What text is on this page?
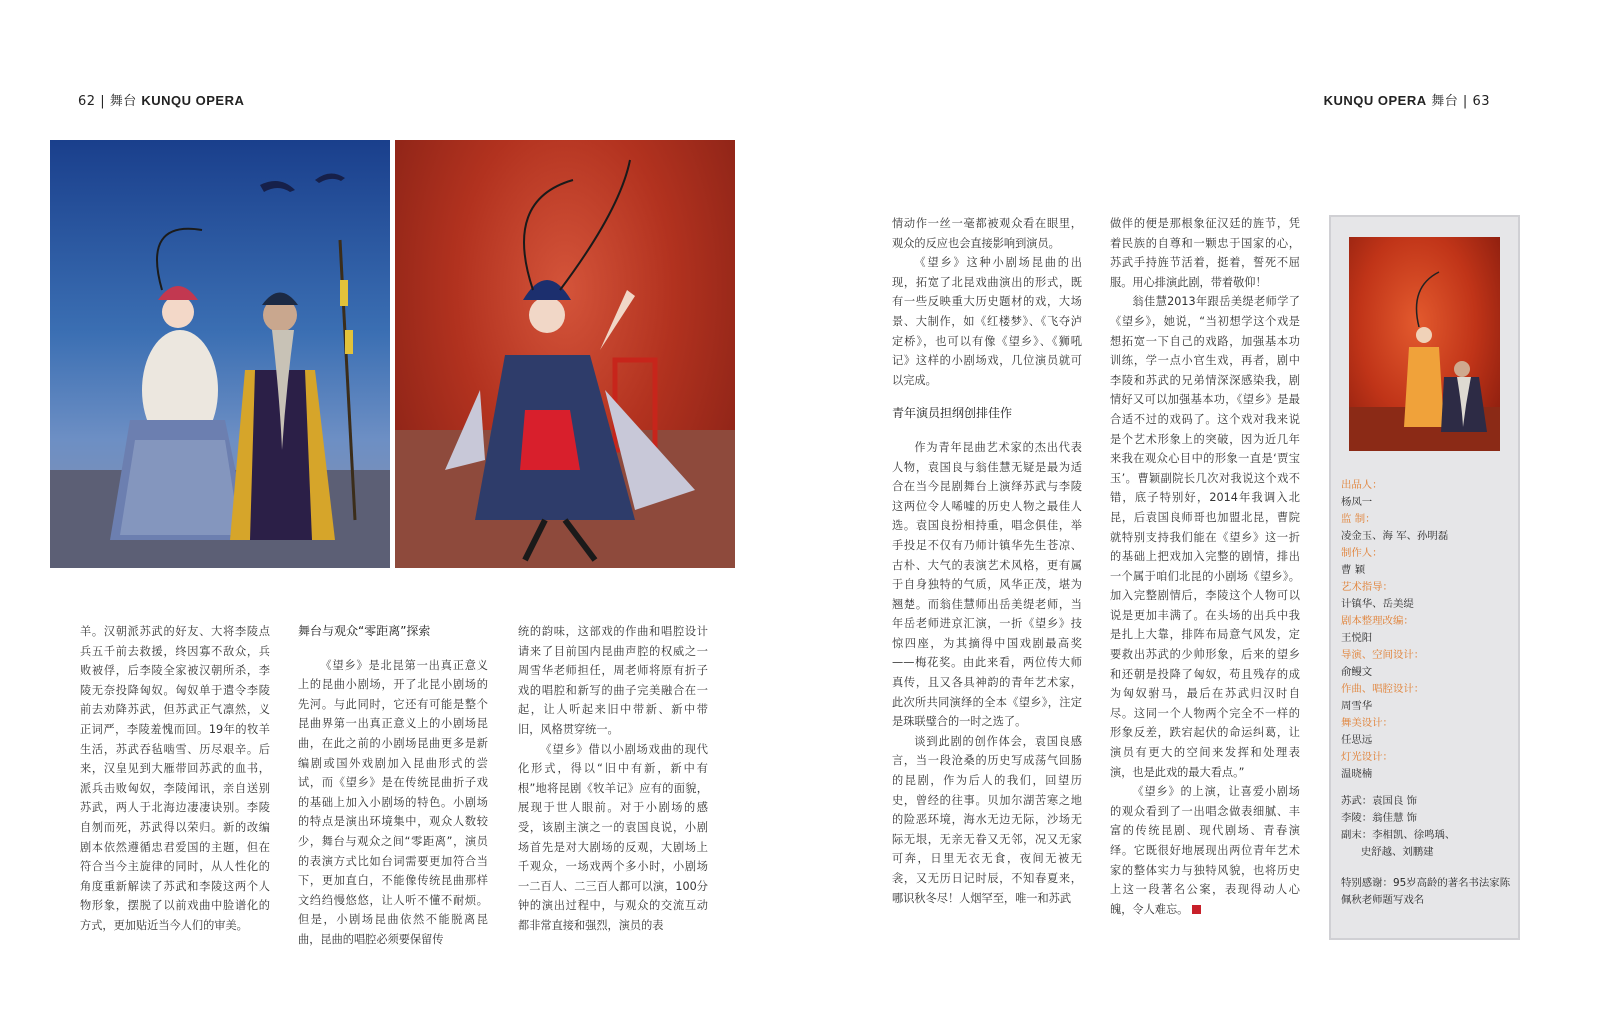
62 | 舞台 KUNQU OPERA	KUNQU OPERA 舞台 | 63

羊。汉朝派苏武的好友、大将李陵点兵五千前去救援，终因寡不敌众，兵败被俘，后李陵全家被汉朝所杀，李陵无奈投降匈奴。匈奴单于遣令李陵前去劝降苏武，但苏武正气凛然，义正词严，李陵羞愧而回。19年的牧羊生活，苏武吞毡啮雪、历尽艰辛。后来，汉皇见到大雁带回苏武的血书，派兵击败匈奴，李陵闻讯，亲自送别苏武，两人于北海边凄凄诀别。李陵自刎而死，苏武得以荣归。新的改编剧本依然遵循忠君爱国的主题，但在符合当今主旋律的同时，从人性化的角度重新解读了苏武和李陵这两个人物形象，摆脱了以前戏曲中脸谱化的方式，更加贴近当今人们的审美。

舞台与观众“零距离”探索

《望乡》是北昆第一出真正意义上的昆曲小剧场，开了北昆小剧场的先河。与此同时，它还有可能是整个昆曲界第一出真正意义上的小剧场昆曲，在此之前的小剧场昆曲更多是新编剧或国外戏剧加入昆曲形式的尝试，而《望乡》是在传统昆曲折子戏的基础上加入小剧场的特色。小剧场的特点是演出环境集中，观众人数较少，舞台与观众之间“零距离”，演员的表演方式比如台词需要更加符合当下，更加直白，不能像传统昆曲那样文绉绉慢悠悠，让人听不懂不耐烦。但是，小剧场昆曲依然不能脱离昆曲，昆曲的唱腔必须要保留传

统的韵味，这部戏的作曲和唱腔设计请来了目前国内昆曲声腔的权威之一周雪华老师担任，周老师将原有折子戏的唱腔和新写的曲子完美融合在一起，让人听起来旧中带新、新中带旧，风格贯穿统一。

《望乡》借以小剧场戏曲的现代化形式，得以“旧中有新，新中有根”地将昆剧《牧羊记》应有的面貌，展现于世人眼前。对于小剧场的感受，该剧主演之一的袁国良说，小剧场首先是对大剧场的反观，大剧场上千观众，一场戏两个多小时，小剧场一二百人、二三百人都可以演，100分钟的演出过程中，与观众的交流互动都非常直接和强烈，演员的表

情动作一丝一毫都被观众看在眼里，观众的反应也会直接影响到演员。

《望乡》这种小剧场昆曲的出现，拓宽了北昆戏曲演出的形式，既有一些反映重大历史题材的戏，大场景、大制作，如《红楼梦》、《飞夺泸定桥》，也可以有像《望乡》、《狮吼记》这样的小剧场戏，几位演员就可以完成。

青年演员担纲创排佳作

作为青年昆曲艺术家的杰出代表人物，袁国良与翁佳慧无疑是最为适合在当今昆剧舞台上演绎苏武与李陵这两位令人唏嘘的历史人物之最佳人选。袁国良扮相持重，唱念俱佳，举手投足不仅有乃师计镇华先生苍凉、古朴、大气的表演艺术风格，更有属于自身独特的气质，风华正茂，堪为翘楚。而翁佳慧师出岳美缇老师，当年岳老师进京汇演，一折《望乡》技惊四座，为其摘得中国戏剧最高奖——梅花奖。由此来看，两位传大师真传，且又各具神韵的青年艺术家，此次所共同演绎的全本《望乡》，注定是珠联璧合的一时之选了。

谈到此剧的创作体会，袁国良感言，当一段沧桑的历史写成荡气回肠的昆剧，作为后人的我们，回望历史，曾经的往事。贝加尔湖苦寒之地的险恶环境，海水无边无际，沙场无际无垠，无亲无眷又无邻，况又无家可奔，日里无衣无食，夜间无被无衾，又无历日记时辰，不知春夏来，哪识秋冬尽！人烟罕至，唯一和苏武

做伴的便是那根象征汉廷的旌节，凭着民族的自尊和一颗忠于国家的心，苏武手持旌节活着，挺着，誓死不屈服。用心排演此剧，带着敬仰！

翁佳慧2013年跟岳美缇老师学了《望乡》，她说，“当初想学这个戏是想拓宽一下自己的戏路，加强基本功训练，学一点小官生戏，再者，剧中李陵和苏武的兄弟情深深感染我，剧情好又可以加强基本功，《望乡》是最合适不过的戏码了。这个戏对我来说是个艺术形象上的突破，因为近几年来我在观众心目中的形象一直是‘贾宝玉’。曹颖副院长几次对我说这个戏不错，底子特别好，2014年我调入北昆，后袁国良师哥也加盟北昆，曹院就特别支持我们能在《望乡》这一折的基础上把戏加入完整的剧情，排出一个属于咱们北昆的小剧场《望乡》。加入完整剧情后，李陵这个人物可以说是更加丰满了。在头场的出兵中我是扎上大靠，排阵布局意气风发，定要救出苏武的少帅形象，后来的望乡和还朝是投降了匈奴，苟且残存的成为匈奴驸马，最后在苏武归汉时自尽。这同一个人物两个完全不一样的形象反差，跌宕起伏的命运纠葛，让演员有更大的空间来发挥和处理表演，也是此戏的最大看点。”

《望乡》的上演，让喜爱小剧场的观众看到了一出唱念做表细腻、丰富的传统昆剧、现代剧场、青春演绎。它既很好地展现出两位青年艺术家的整体实力与独特风貌，也将历史上这一段著名公案，表现得动人心魄，令人难忘。

出品人：
杨凤一
监 制：
凌金玉、海 军、孙明磊
制作人：
曹 颖
艺术指导：
计镇华、岳美缇
剧本整理改编：
王悦阳
导演、空间设计：
俞鳗文
作曲、唱腔设计：
周雪华
舞美设计：
任思远
灯光设计：
温晓楠
苏武：袁国良 饰
李陵：翁佳慧 饰
副末：李相凯、徐鸣瑀、
史舒越、刘鹏建
特别感谢：95岁高龄的著名书法家陈佩秋老师题写戏名
